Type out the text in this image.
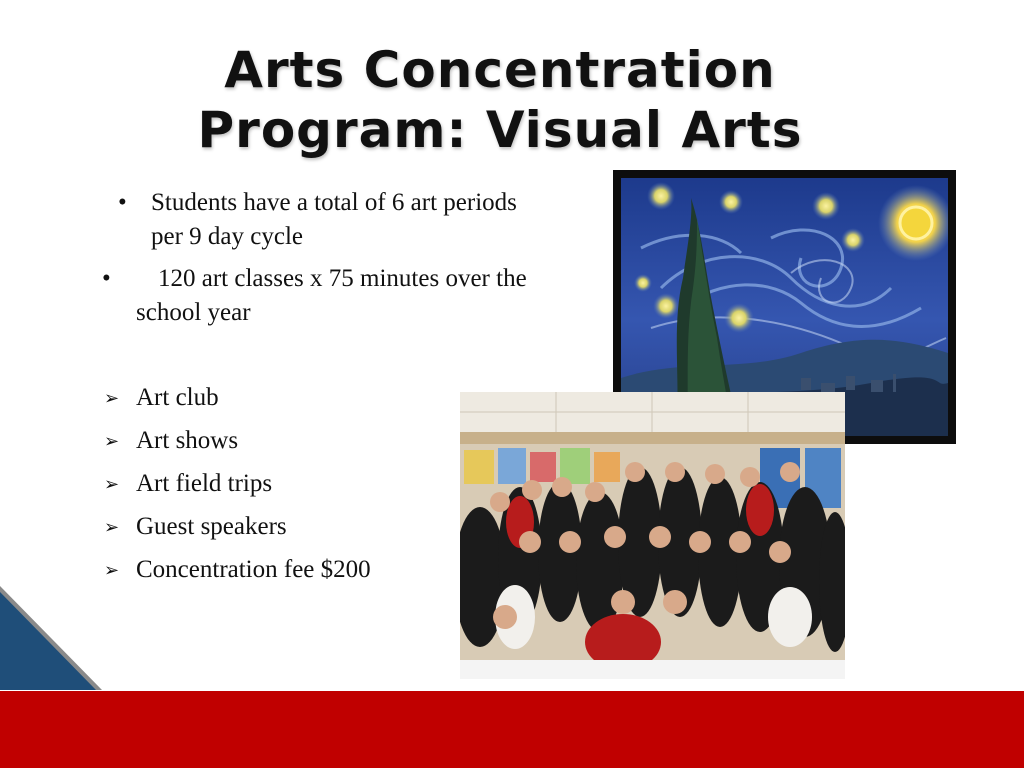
Arts Concentration
Program: Visual Arts
• Students have a total of 6 art periods per 9 day cycle
•	120 art classes x 75 minutes over the school year
➢ Art club
➢ Art shows
➢ Art field trips
➢ Guest speakers
➢ Concentration fee $200
Laval Junior High School ● Sir Wilfrid Laurier School Board
